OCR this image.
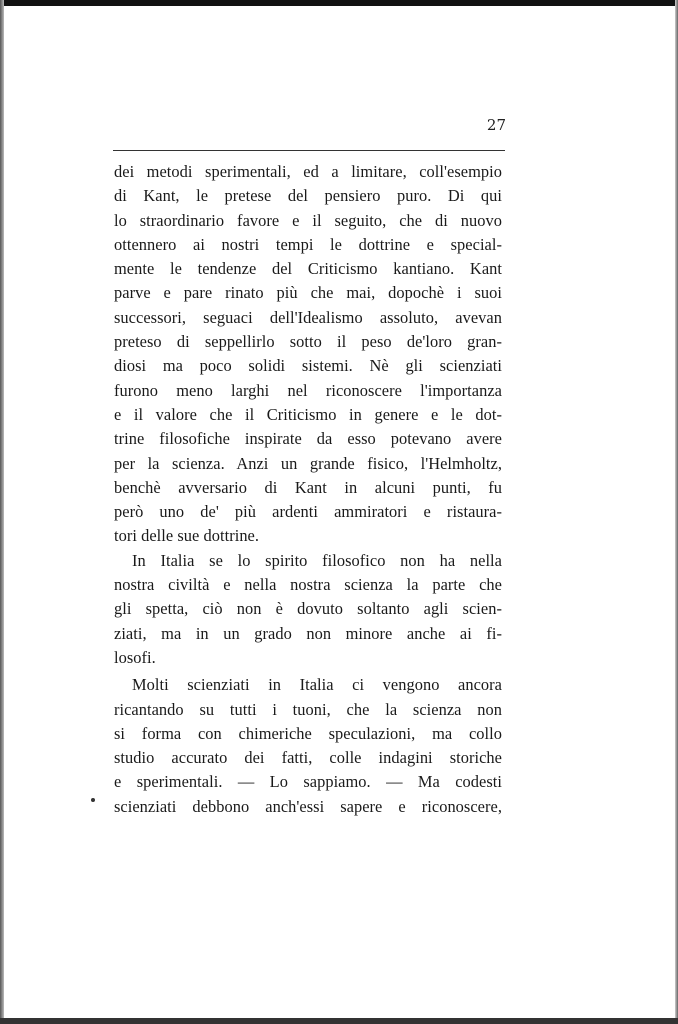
27
dei metodi sperimentali, ed a limitare, coll'esempio
di Kant, le pretese del pensiero puro. Di qui
lo straordinario favore e il seguito, che di nuovo
ottennero ai nostri tempi le dottrine e special-
mente le tendenze del Criticismo kantiano. Kant
parve e pare rinato più che mai, dopochè i suoi
successori, seguaci dell'Idealismo assoluto, avevan
preteso di seppellirlo sotto il peso de'loro gran-
diosi ma poco solidi sistemi. Nè gli scienziati
furono meno larghi nel riconoscere l'importanza
e il valore che il Criticismo in genere e le dot-
trine filosofiche inspirate da esso potevano avere
per la scienza. Anzi un grande fisico, l'Helmholtz,
benchè avversario di Kant in alcuni punti, fu
però uno de' più ardenti ammiratori e ristaura-
tori delle sue dottrine.
In Italia se lo spirito filosofico non ha nella
nostra civiltà e nella nostra scienza la parte che
gli spetta, ciò non è dovuto soltanto agli scien-
ziati, ma in un grado non minore anche ai fi-
losofi.
Molti scienziati in Italia ci vengono ancora
ricantando su tutti i tuoni, che la scienza non
si forma con chimeriche speculazioni, ma collo
studio accurato dei fatti, colle indagini storiche
e sperimentali. — Lo sappiamo. — Ma codesti
scienziati debbono anch'essi sapere e riconoscere,
